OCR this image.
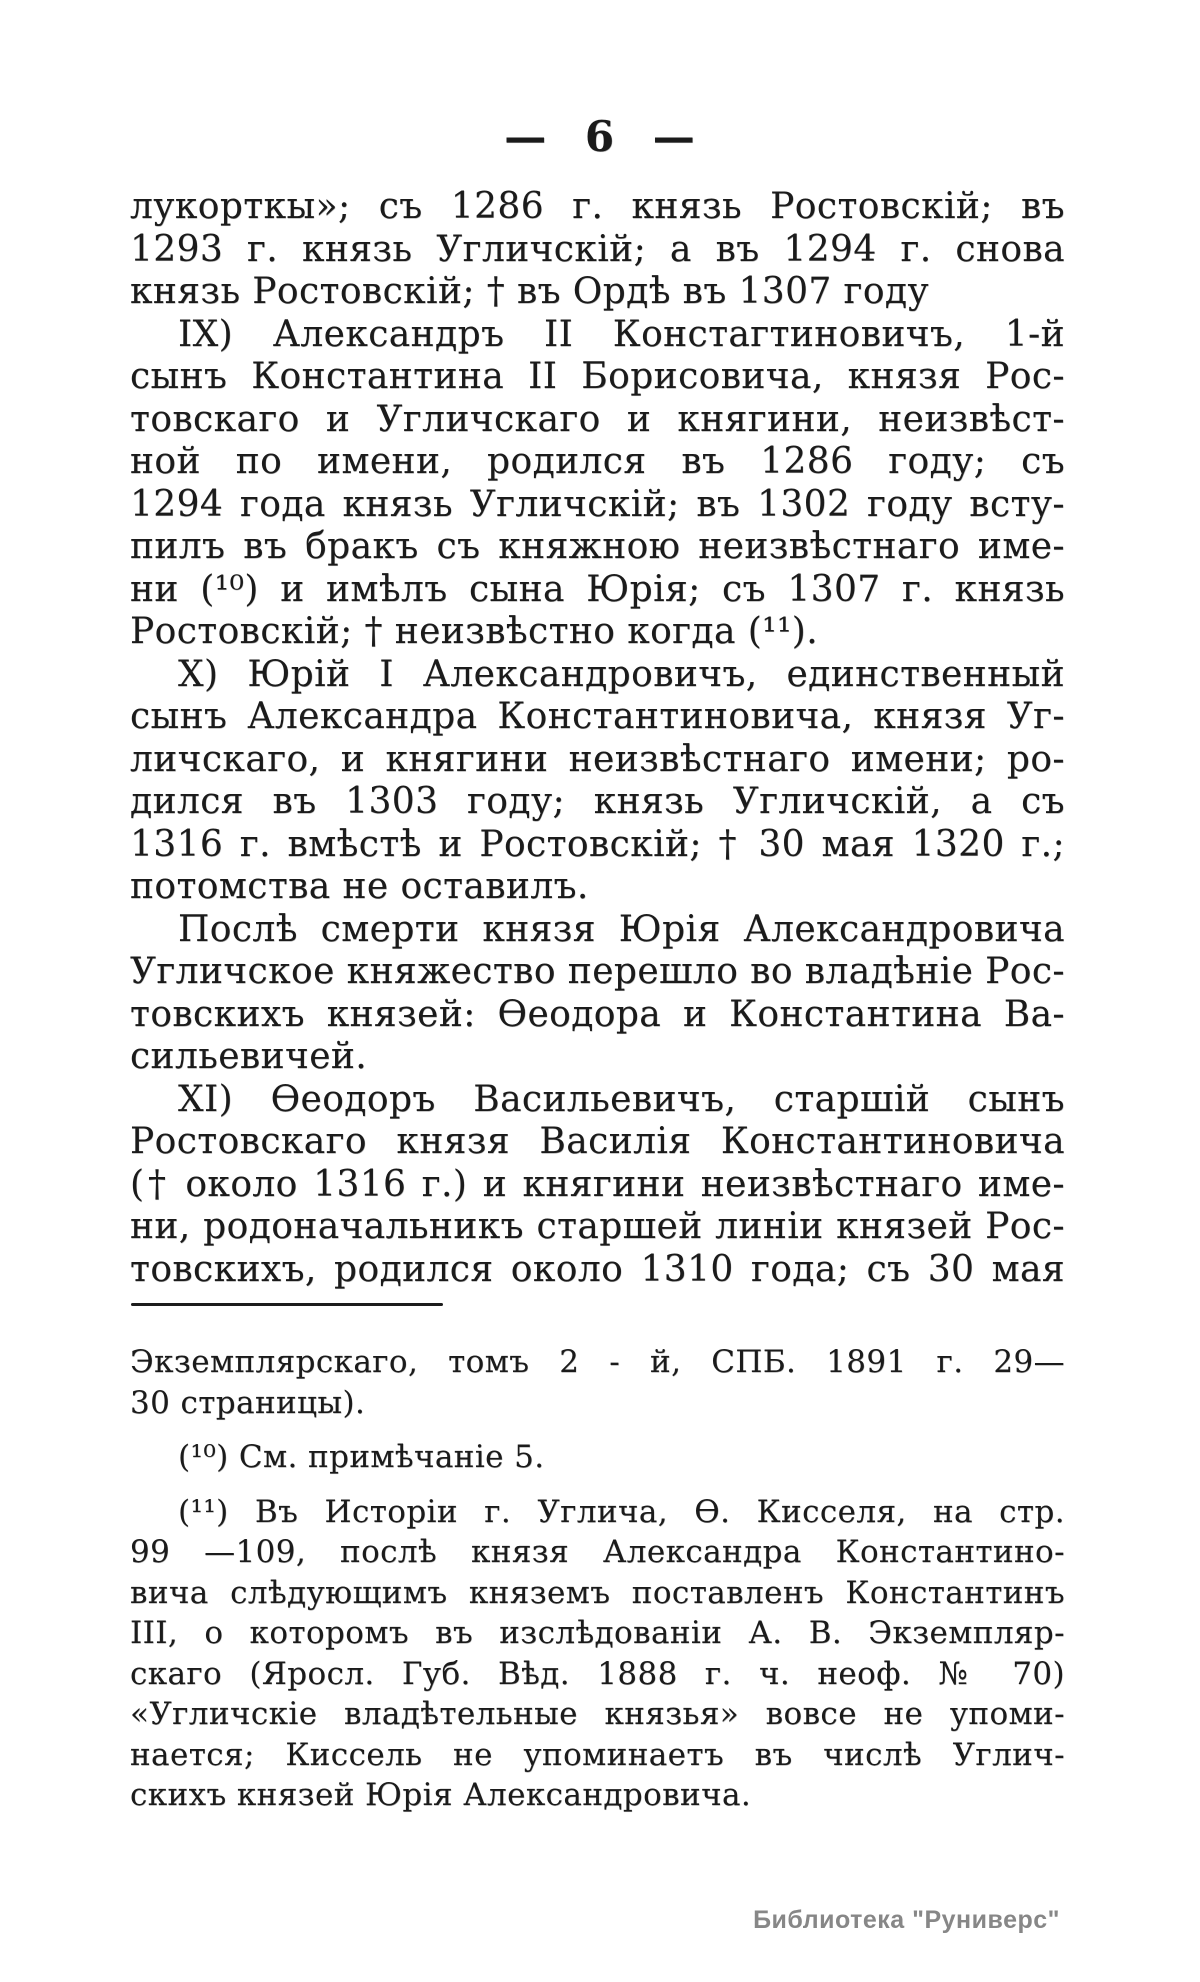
— 6 —
лукорткы»; съ 1286 г. князь Ростовскій; въ
1293 г. князь Угличскій; а въ 1294 г. снова
князь Ростовскій; † въ Ордѣ въ 1307 году
IX) Александръ II Констагтиновичъ, 1-й
сынъ Константина II Борисовича, князя Рос-
товскаго и Угличскаго и княгини, неизвѣст-
ной по имени, родился въ 1286 году; съ
1294 года князь Угличскій; въ 1302 году всту-
пилъ въ бракъ съ княжною неизвѣстнаго име-
ни (¹⁰) и имѣлъ сына Юрія; съ 1307 г. князь
Ростовскій; † неизвѣстно когда (¹¹).
X) Юрій I Александровичъ, единственный
сынъ Александра Константиновича, князя Уг-
личскаго, и княгини неизвѣстнаго имени; ро-
дился въ 1303 году; князь Угличскій, а съ
1316 г. вмѣстѣ и Ростовскій; † 30 мая 1320 г.;
потомства не оставилъ.
Послѣ смерти князя Юрія Александровича
Угличское княжество перешло во владѣніе Рос-
товскихъ князей: Ѳеодора и Константина Ва-
сильевичей.
XI) Ѳеодоръ Васильевичъ, старшій сынъ
Ростовскаго князя Василія Константиновича
(† около 1316 г.) и княгини неизвѣстнаго име-
ни, родоначальникъ старшей линіи князей Рос-
товскихъ, родился около 1310 года; съ 30 мая
Экземплярскаго, томъ 2 - й, СПБ. 1891 г. 29—
30 страницы).
(¹⁰) См. примѣчаніе 5.
(¹¹) Въ Исторіи г. Углича, Ѳ. Кисселя, на стр.
99 —109, послѣ князя Александра Константино-
вича слѣдующимъ княземъ поставленъ Константинъ
III, о которомъ въ изслѣдованіи А. В. Экземпляр-
скаго (Яросл. Губ. Вѣд. 1888 г. ч. неоф. № 70)
«Угличскіе владѣтельные князья» вовсе не упоми-
нается; Киссель не упоминаетъ въ числѣ Углич-
скихъ князей Юрія Александровича.
Библиотека "Руниверс"
